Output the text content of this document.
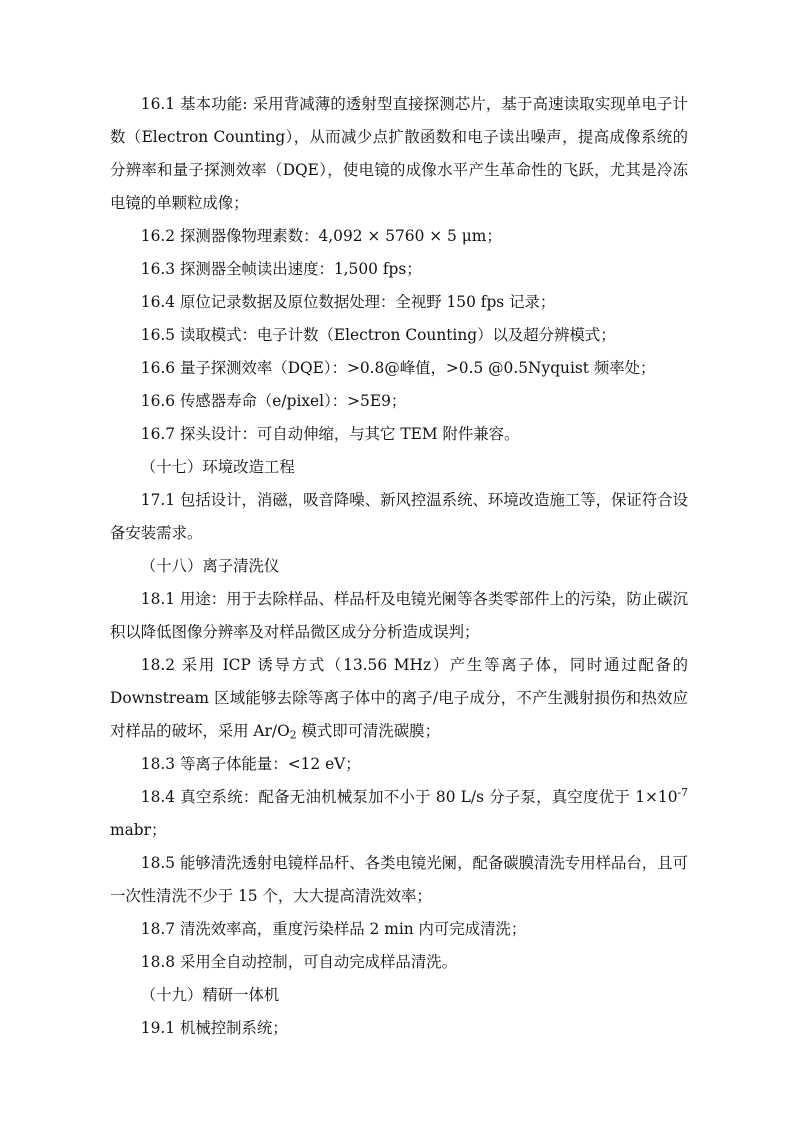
16.1 基本功能: 采用背减薄的透射型直接探测芯片，基于高速读取实现单电子计数（Electron Counting），从而减少点扩散函数和电子读出噪声，提高成像系统的分辨率和量子探测效率（DQE），使电镜的成像水平产生革命性的飞跃，尤其是冷冻电镜的单颗粒成像；

16.2 探测器像物理素数：4,092 × 5760 × 5 μm；

16.3 探测器全帧读出速度：1,500 fps；

16.4 原位记录数据及原位数据处理：全视野 150 fps 记录；

16.5 读取模式：电子计数（Electron Counting）以及超分辨模式；

16.6 量子探测效率（DQE）：>0.8@峰值，>0.5 @0.5Nyquist 频率处；

16.6 传感器寿命（e/pixel）：>5E9；

16.7 探头设计：可自动伸缩，与其它 TEM 附件兼容。

（十七）环境改造工程

17.1 包括设计，消磁，吸音降噪、新风控温系统、环境改造施工等，保证符合设备安装需求。

（十八）离子清洗仪

18.1 用途：用于去除样品、样品杆及电镜光阑等各类零部件上的污染，防止碳沉积以降低图像分辨率及对样品微区成分分析造成误判；

18.2 采用 ICP 诱导方式（13.56 MHz）产生等离子体，同时通过配备的 Downstream 区域能够去除等离子体中的离子/电子成分，不产生溅射损伤和热效应对样品的破坏，采用 $Ar/O_2$ 模式即可清洗碳膜；

18.3 等离子体能量：<12 eV；

18.4 真空系统：配备无油机械泵加不小于 80 L/s 分子泵，真空度优于 $1\times 10^{-7}$ mabr；

18.5 能够清洗透射电镜样品杆、各类电镜光阑，配备碳膜清洗专用样品台，且可一次性清洗不少于 15 个，大大提高清洗效率；

18.7 清洗效率高，重度污染样品 2 min 内可完成清洗；

18.8 采用全自动控制，可自动完成样品清洗。

（十九）精研一体机

19.1 机械控制系统；
